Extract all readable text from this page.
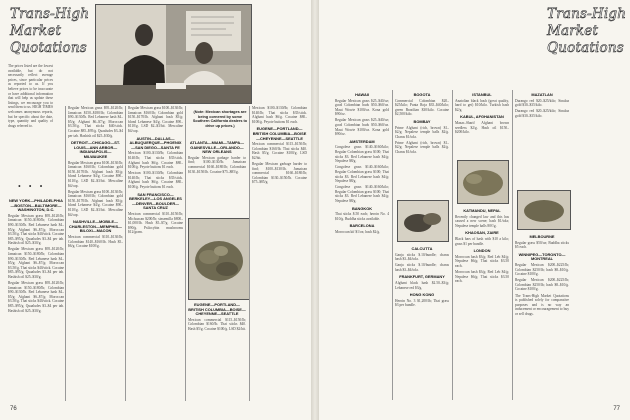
Trans-High
Market
Quotations

The prices listed are the lowest available, but do not necessarily reflect average prices, since particular prices as reported to us. If you believe prices to be inaccurate or have additional information that will help us update these listings, we encourage you to send them to us. HIGH TIMES welcomes anonymous reports, but be specific about the date, type, quantity and quality of drugs referred to.

• • •
NEW YORK—PHILADELPHIA—BOSTON—BALTIMORE—WASHINGTON, D.C.

Regular Mexican grass $95–$120/lb; Jamaican $150–$180/lb; Colombian $90–$130/lb. Red Lebanese hash $4–$5/g; Afghani $6–$7/g; Moroccan $3.50/g. Thai sticks $40/stick. Cocaine $85–$95/g. Quaaludes $3–$4 per tab. Hashish oil $25–$30/g.

Regular Mexican grass $95–$120/lb; Jamaican $150–$180/lb; Colombian $90–$130/lb. Red Lebanese hash $4–$5/g; Afghani $6–$7/g; Moroccan $3.50/g. Thai sticks $40/stick. Cocaine $85–$95/g. Quaaludes $3–$4 per tab. Hashish oil $25–$30/g.

Regular Mexican grass $95–$120/lb; Jamaican $150–$180/lb; Colombian $90–$130/lb. Red Lebanese hash $4–$5/g; Afghani $6–$7/g; Moroccan $3.50/g. Thai sticks $40/stick. Cocaine $85–$95/g. Quaaludes $3–$4 per tab. Hashish oil $25–$30/g.

Regular Mexican grass $95–$120/lb; Jamaican $150–$180/lb; Colombian $90–$130/lb. Red Lebanese hash $4–$5/g; Afghani $6–$7/g; Moroccan $3.50/g. Thai sticks $40/stick. Cocaine $85–$95/g. Quaaludes $3–$4 per tab. Hashish oil $25–$30/g.

DETROIT—CHICAGO—ST. LOUIS—ANN ARBOR—INDIANAPOLIS—MILWAUKEE

Regular Mexican grass $100–$130/lb; Jamaican $160/lb; Colombian gold $150–$170/lb. Afghani hash $5/g; blond Lebanese $4/g. Cocaine $90–$110/g. LSD $2–$3/hit. Mescaline $4/cap.

Regular Mexican grass $100–$130/lb; Jamaican $160/lb; Colombian gold $150–$170/lb. Afghani hash $5/g; blond Lebanese $4/g. Cocaine $90–$110/g. LSD $2–$3/hit. Mescaline $4/cap.

NASHVILLE—MOBILE—CHARLESTON—MEMPHIS—BILOXI—MACON

Mexican commercial $110–$130/lb; Colombian $140–$160/lb. Hash $5–$6/g. Cocaine $100/g.

Regular Mexican grass $100–$130/lb; Jamaican $160/lb; Colombian gold $150–$170/lb. Afghani hash $5/g; blond Lebanese $4/g. Cocaine $90–$110/g. LSD $2–$3/hit. Mescaline $4/cap.

AUSTIN—DALLAS—ALBUQUERQUE—PHOENIX—SAN DIEGO—SANTA FE

Mexican $100–$130/lb; Colombian $140/lb; Thai sticks $35/stick. Afghani hash $6/g. Cocaine $80–$100/g. Peyote buttons $1 each.

Mexican $100–$130/lb; Colombian $140/lb; Thai sticks $35/stick. Afghani hash $6/g. Cocaine $80–$100/g. Peyote buttons $1 each.

SAN FRANCISCO—BERKELEY—LOS ANGELES—DENVER—BOULDER—SANTA CRUZ

Mexican commercial $110–$150/lb; Michoacan $200/lb; sinsemilla $800–$1,000/lb. Hash $5–$7/g. Cocaine $90/g. Psilocybin mushrooms $12/gram.

(Note: Mexican shortages are being cornered by some Southern California dealers to drive up prices.)
ATLANTA—MIAMI—TAMPA—GAINESVILLE—ORLANDO—NEW ORLEANS

Regular Mexican garbage harder to find; $100–$130/lb. Jamaican commercial $160–$180/lb; Colombian $130–$150/lb. Cocaine $75–$85/g.

EUGENE—PORTLAND—BRITISH COLUMBIA—BOISE—CHEYENNE—SEATTLE

Mexican commercial $115–$150/lb; Colombian $160/lb. Thai sticks $40. Hash $5/g. Cocaine $100/g. LSD $2/hit.

Mexican $100–$130/lb; Colombian $140/lb; Thai sticks $35/stick. Afghani hash $6/g. Cocaine $80–$100/g. Peyote buttons $1 each.

EUGENE—PORTLAND—BRITISH COLUMBIA—BOISE—CHEYENNE—SEATTLE

Mexican commercial $115–$150/lb; Colombian $160/lb. Thai sticks $40. Hash $5/g. Cocaine $100/g. LSD $2/hit.

Regular Mexican garbage harder to find; $100–$130/lb. Jamaican commercial $160–$180/lb; Colombian $130–$150/lb. Cocaine $75–$85/g.

76
Trans-High
Market
Quotations
HAWAII

Regular Mexican grass $25–$40/oz; good Colombian buds $50–$60/oz. Maui Wowie $100/oz. Kona gold $90/oz.

Regular Mexican grass $25–$40/oz; good Colombian buds $50–$60/oz. Maui Wowie $100/oz. Kona gold $90/oz.

AMSTERDAM

Congolese grass $140–$160/kilo; Regular Colombian grass $100; Thai sticks $3. Red Lebanese hash $4/g; Nepalese $8/g.

Congolese grass $140–$160/kilo; Regular Colombian grass $100; Thai sticks $3. Red Lebanese hash $4/g; Nepalese $8/g.

Congolese grass $140–$160/kilo; Regular Colombian grass $100; Thai sticks $3. Red Lebanese hash $4/g; Nepalese $8/g.

BANGKOK

Thai sticks $.50 each; heroin No. 4 $10/g. Buddha sticks available.

BARCELONA

Moroccan kif $1/oz; hash $2/g.

BOGOTA

Commercial Colombian $20–$25/kilo; Punta Roja $35–$40/kilo; green Brazilian $30/kilo. Cocaine $2,500/kilo.

BOMBAY

Prime Afghani (rich, brown) $1–$2/g; Nepalese temple balls $2/g. Charas $1/tola.

Prime Afghani (rich, brown) $1–$2/g; Nepalese temple balls $2/g. Charas $1/tola.

CALCUTTA

Ganja sticks $.10/bundle; charas hash $3–$4/tola.

Ganja sticks $.10/bundle; charas hash $3–$4/tola.

FRANKFURT, GERMANY

Afghani black hash $2.50–$3/g; Lebanese red $3/g.

HONG KONG

Heroin No. 3 $1,200/lb; Thai grass $3 per bundle.

ISTANBUL

Anatolian black hash (great quality, hard to get) $10/kilo. Turkish hash $2/g.

KABUL, AFGHANISTAN

Mazar–Sharif Afghani brown seedless $2/g. Hash oil $150–$200/kilo.

KATMANDU, NEPAL

Recently changed law and this has caused a new scene; hash $1/tola; Nepalese temple balls 80¢/g.

KHAOSAN, ZAIRE

Black bars of hash with $10 a kilo; grass $1 per bundle.

LONDON

Moroccan hash $3/g; Red Leb $4/g; Nepalese $6/g; Thai sticks $3.50 each.

Moroccan hash $3/g; Red Leb $4/g; Nepalese $6/g; Thai sticks $3.50 each.

MAZATLAN

Durango red $20–$25/kilo; Sinaloa gold $30–$35/kilo.

Durango red $20–$25/kilo; Sinaloa gold $30–$35/kilo.

MELBOURNE

Regular grass $50/oz; Buddha sticks $5 each.

WINNIPEG—TORONTO—MONTREAL

Regular Mexican $200–$225/lb; Colombian $250/lb; hash $8–$10/g. Cocaine $100/g.

Regular Mexican $200–$225/lb; Colombian $250/lb; hash $8–$10/g. Cocaine $100/g.

The Trans-High Market Quotations is published solely for comparative purposes and is no way an inducement or encouragement to buy or sell drugs.

77
